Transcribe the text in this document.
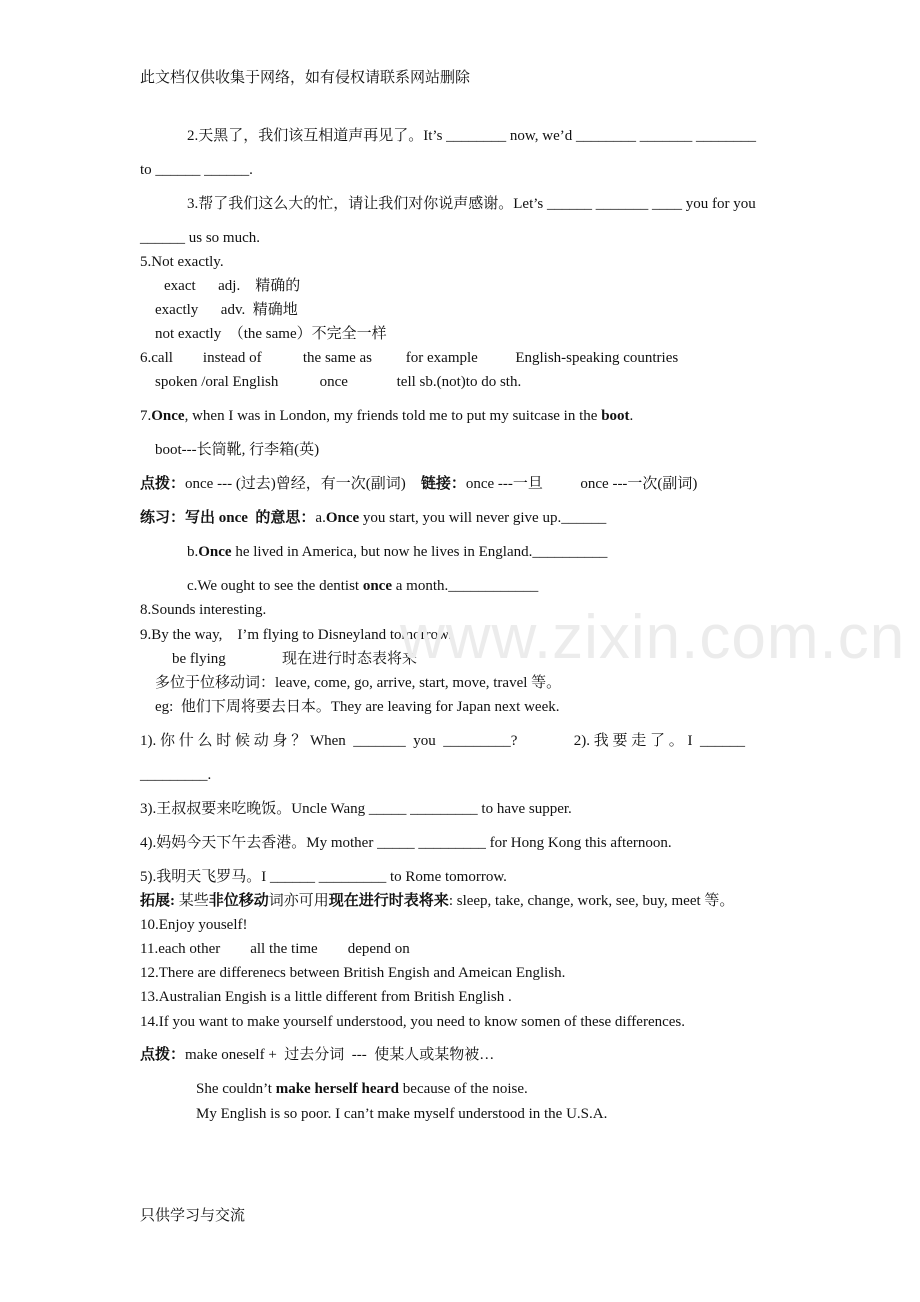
www.zixin.com.cn
此文档仅供收集于网络，如有侵权请联系网站删除
2.天黑了，我们该互相道声再见了。It’s ________ now, we’d ________ _______ ________
to ______ ______.
3.帮了我们这么大的忙，请让我们对你说声感谢。Let’s ______ _______ ____ you for you
______ us so much.
5.Not exactly.
exact      adj.    精确的
exactly      adv.  精确地
not exactly  （the same）不完全一样
6.call        instead of           the same as         for example          English-speaking countries
spoken /oral English           once             tell sb.(not)to do sth.
7.Once, when I was in London, my friends told me to put my suitcase in the boot.
boot---长筒靴, 行李箱(英)
点拨：once --- (过去)曾经，有一次(副词)    链接：once ---一旦          once ---一次(副词)
练习：写出 once  的意思：a.Once you start, you will never give up.______
b.Once he lived in America, but now he lives in England.__________
c.We ought to see the dentist once a month.____________
8.Sounds interesting.
9.By the way,    I’m flying to Disneyland tomorrow.
be flying               现在进行时态表将来
多位于位移动词：leave, come, go, arrive, start, move, travel 等。
eg:  他们下周将要去日本。They are leaving for Japan next week.
1). 你 什 么 时 候 动 身 ？ When  _______  you  _________?               2). 我 要 走 了 。 I  ______
_________.
3).王叔叔要来吃晚饭。Uncle Wang _____ _________ to have supper.
4).妈妈今天下午去香港。My mother _____ _________ for Hong Kong this afternoon.
5).我明天飞罗马。I ______ _________ to Rome tomorrow.
拓展: 某些非位移动词亦可用现在进行时表将来: sleep, take, change, work, see, buy, meet 等。
10.Enjoy youself!
11.each other        all the time        depend on
12.There are differenecs between British Engish and Ameican English.
13.Australian Engish is a little different from British English .
14.If you want to make yourself understood, you need to know somen of these differences.
点拨：make oneself +  过去分词  ---  使某人或某物被…
She couldn’t make herself heard because of the noise.
My English is so poor. I can’t make myself understood in the U.S.A.
只供学习与交流
